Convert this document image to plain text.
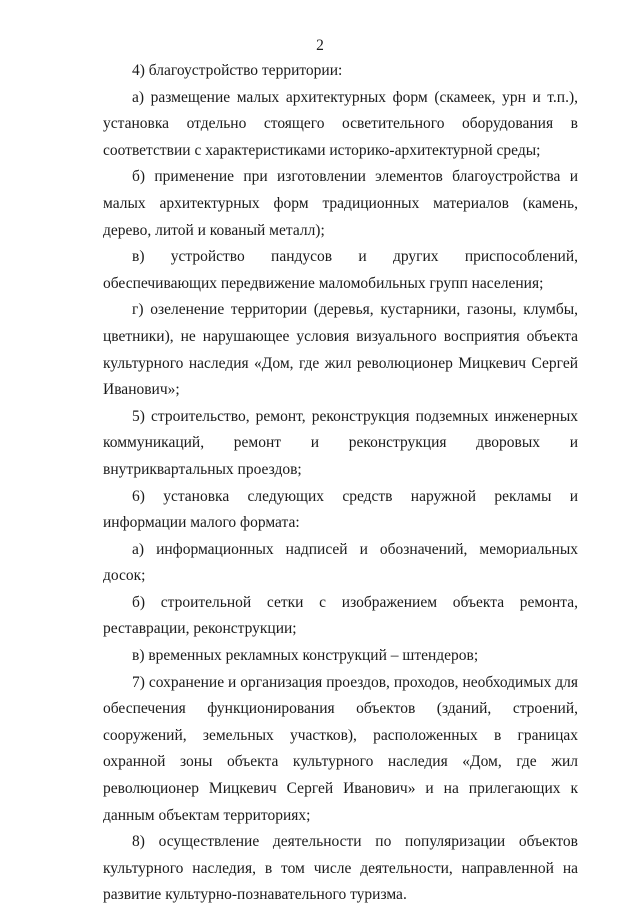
2

4) благоустройство территории:

а) размещение малых архитектурных форм (скамеек, урн и т.п.), установка отдельно стоящего осветительного оборудования в соответствии с характеристиками историко-архитектурной среды;

б) применение при изготовлении элементов благоустройства и малых архитектурных форм традиционных материалов (камень, дерево, литой и кованый металл);

в) устройство пандусов и других приспособлений, обеспечивающих передвижение маломобильных групп населения;

г) озеленение территории (деревья, кустарники, газоны, клумбы, цветники), не нарушающее условия визуального восприятия объекта культурного наследия «Дом, где жил революционер Мицкевич Сергей Иванович»;

5) строительство, ремонт, реконструкция подземных инженерных коммуникаций, ремонт и реконструкция дворовых и внутриквартальных проездов;

6) установка следующих средств наружной рекламы и информации малого формата:

а) информационных надписей и обозначений, мемориальных досок;

б) строительной сетки с изображением объекта ремонта, реставрации, реконструкции;

в) временных рекламных конструкций – штендеров;

7) сохранение и организация проездов, проходов, необходимых для обеспечения функционирования объектов (зданий, строений, сооружений, земельных участков), расположенных в границах охранной зоны объекта культурного наследия «Дом, где жил революционер Мицкевич Сергей Иванович» и на прилегающих к данным объектам территориях;

8) осуществление деятельности по популяризации объектов культурного наследия, в том числе деятельности, направленной на развитие культурно-познавательного туризма.
